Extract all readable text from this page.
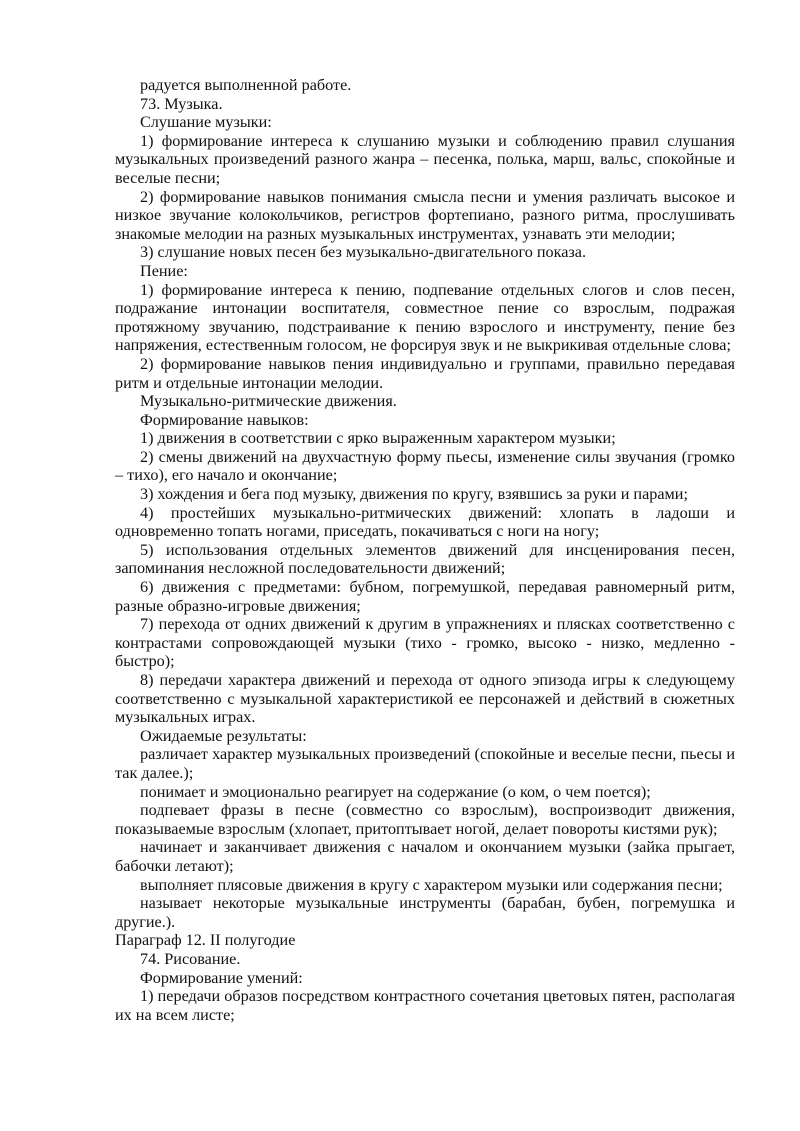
радуется выполненной работе.

73. Музыка.

Слушание музыки:

1) формирование интереса к слушанию музыки и соблюдению правил слушания музыкальных произведений разного жанра – песенка, полька, марш, вальс, спокойные и веселые песни;

2) формирование навыков понимания смысла песни и умения различать высокое и низкое звучание колокольчиков, регистров фортепиано, разного ритма, прослушивать знакомые мелодии на разных музыкальных инструментах, узнавать эти мелодии;

3) слушание новых песен без музыкально-двигательного показа.

Пение:

1) формирование интереса к пению, подпевание отдельных слогов и слов песен, подражание интонации воспитателя, совместное пение со взрослым, подражая протяжному звучанию, подстраивание к пению взрослого и инструменту, пение без напряжения, естественным голосом, не форсируя звук и не выкрикивая отдельные слова;

2) формирование навыков пения индивидуально и группами, правильно передавая ритм и отдельные интонации мелодии.

Музыкально-ритмические движения.

Формирование навыков:

1) движения в соответствии с ярко выраженным характером музыки;

2) смены движений на двухчастную форму пьесы, изменение силы звучания (громко – тихо), его начало и окончание;

3) хождения и бега под музыку, движения по кругу, взявшись за руки и парами;

4) простейших музыкально-ритмических движений: хлопать в ладоши и одновременно топать ногами, приседать, покачиваться с ноги на ногу;

5) использования отдельных элементов движений для инсценирования песен, запоминания несложной последовательности движений;

6) движения с предметами: бубном, погремушкой, передавая равномерный ритм, разные образно-игровые движения;

7) перехода от одних движений к другим в упражнениях и плясках соответственно с контрастами сопровождающей музыки (тихо - громко, высоко - низко, медленно - быстро);

8) передачи характера движений и перехода от одного эпизода игры к следующему соответственно с музыкальной характеристикой ее персонажей и действий в сюжетных музыкальных играх.

Ожидаемые результаты:

различает характер музыкальных произведений (спокойные и веселые песни, пьесы и так далее.);

понимает и эмоционально реагирует на содержание (о ком, о чем поется);

подпевает фразы в песне (совместно со взрослым), воспроизводит движения, показываемые взрослым (хлопает, притоптывает ногой, делает повороты кистями рук);

начинает и заканчивает движения с началом и окончанием музыки (зайка прыгает, бабочки летают);

выполняет плясовые движения в кругу с характером музыки или содержания песни;

называет некоторые музыкальные инструменты (барабан, бубен, погремушка и другие.).

Параграф 12. II полугодие

74. Рисование.

Формирование умений:

1) передачи образов посредством контрастного сочетания цветовых пятен, располагая их на всем листе;
